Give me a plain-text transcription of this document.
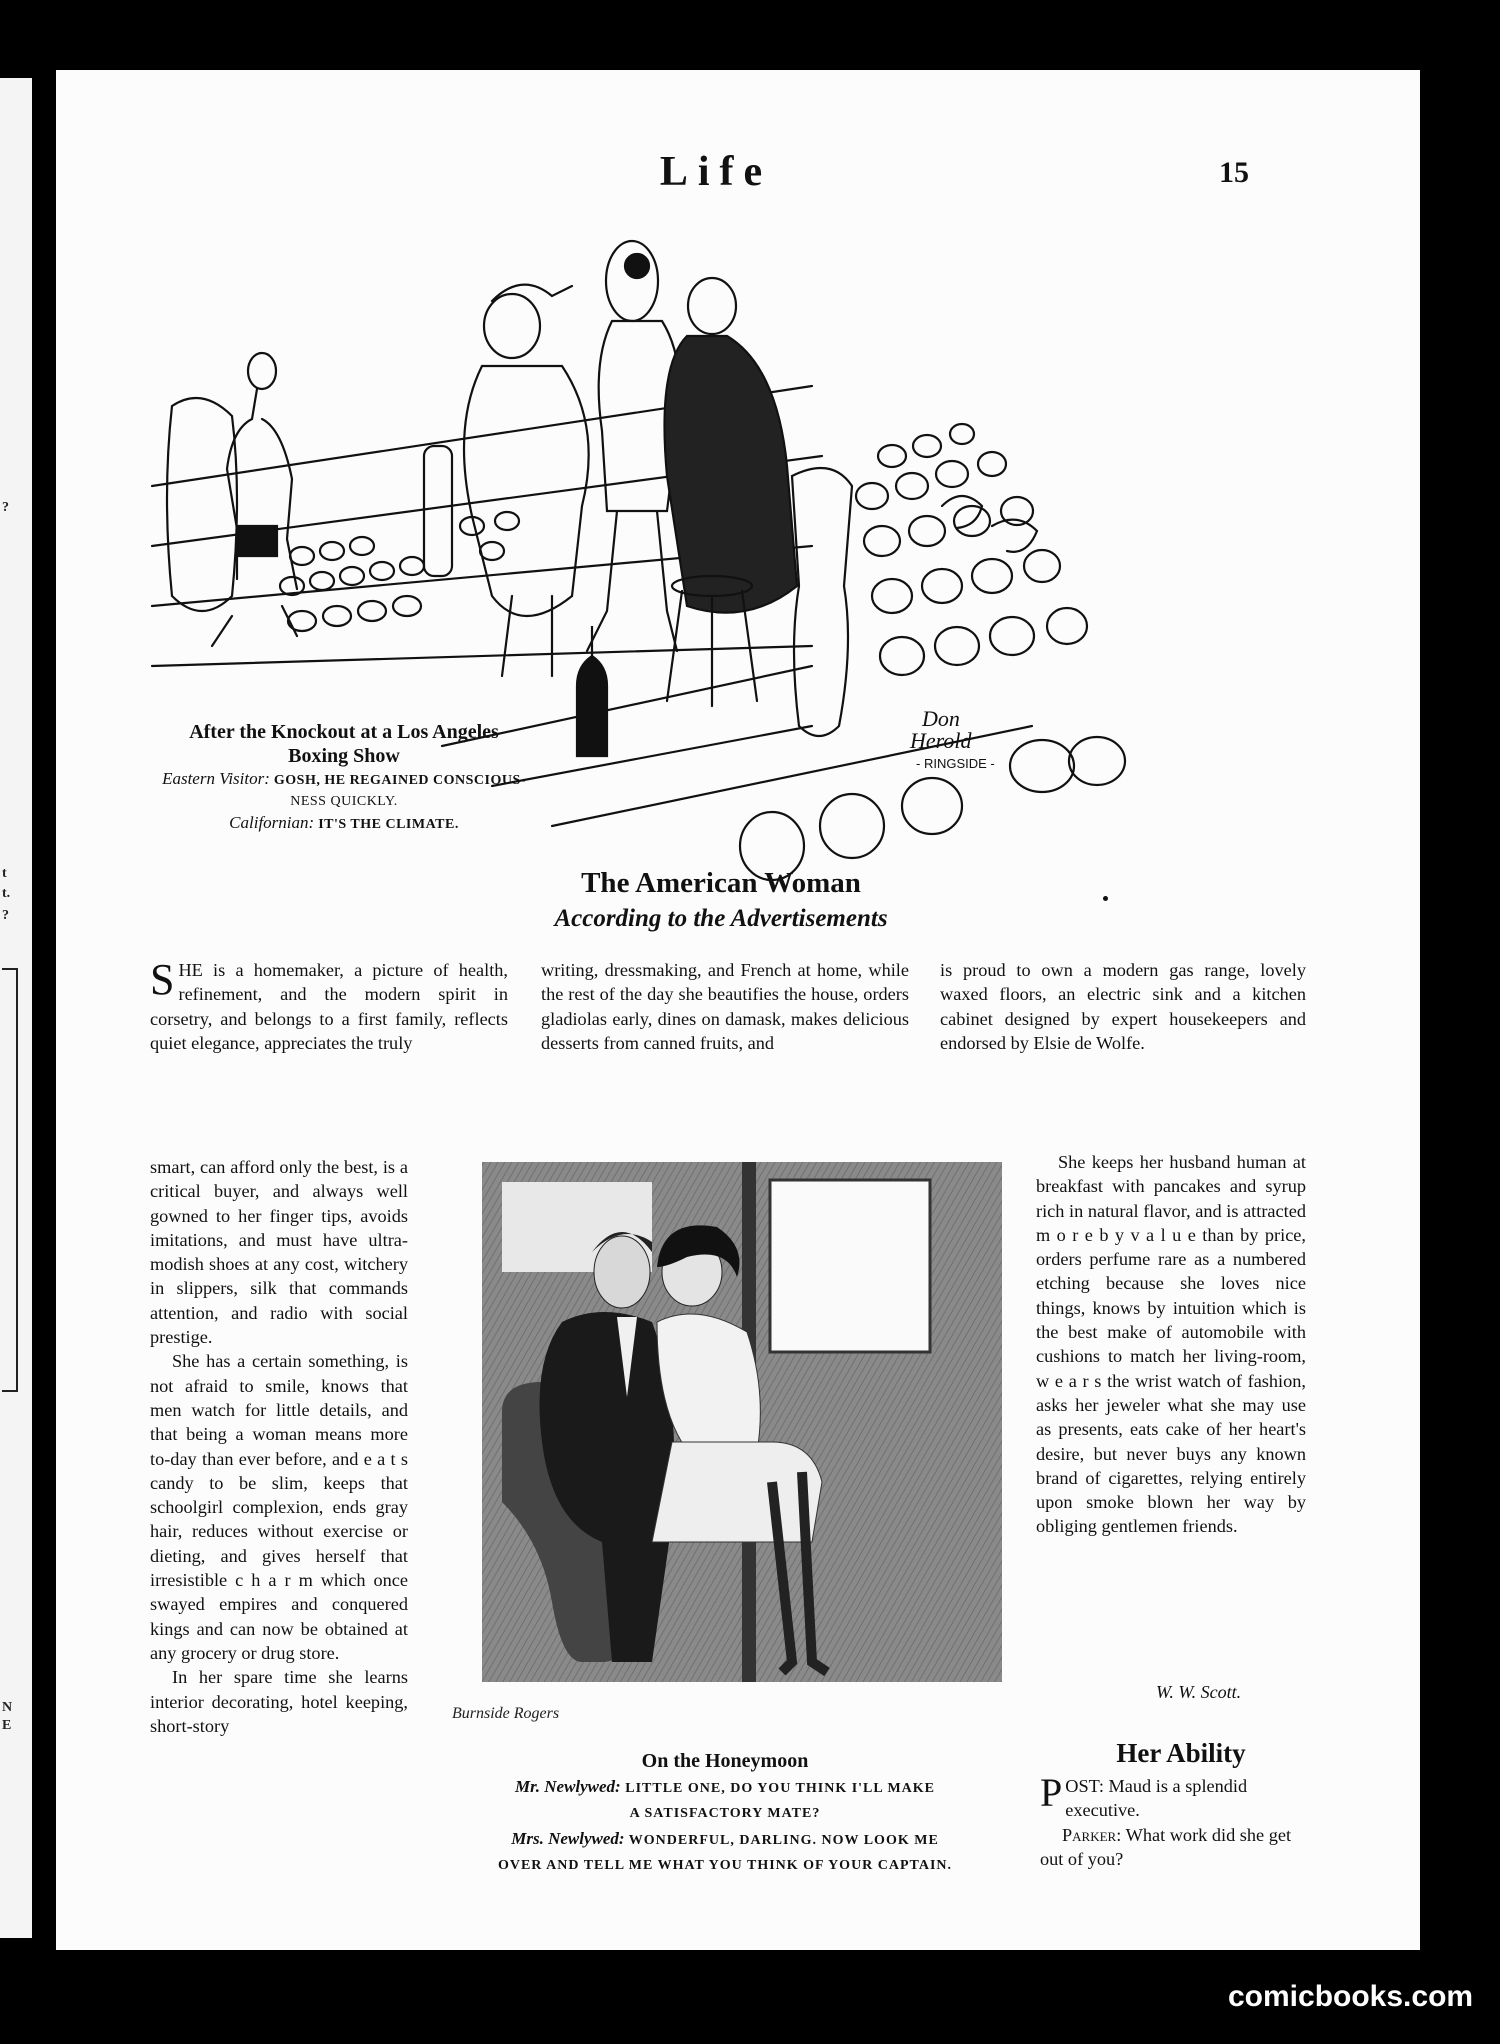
?
t
t.
?
N
E
Life	15
Don
Herold
- RINGSIDE -
After the Knockout at a Los Angeles
Boxing Show
Eastern Visitor: GOSH, HE REGAINED CONSCIOUS-
NESS QUICKLY.
Californian: IT'S THE CLIMATE.
The American Woman
According to the Advertisements

SHE is a homemaker, a picture of health, refinement, and the modern spirit in corsetry, and belongs to a first family, reflects quiet elegance, appreciates the truly

smart, can afford only the best, is a critical buyer, and always well gowned to her finger tips, avoids imitations, and must have ultra-modish shoes at any cost, witchery in slippers, silk that commands attention, and radio with social prestige.

She has a certain something, is not afraid to smile, knows that men watch for little details, and that being a woman means more to-day than ever before, and e a t s candy to be slim, keeps that schoolgirl complexion, ends gray hair, reduces without exercise or dieting, and gives herself that irresistible c h a r m which once swayed empires and conquered kings and can now be obtained at any grocery or drug store.

In her spare time she learns interior decorating, hotel keeping, short-story

writing, dressmaking, and French at home, while the rest of the day she beautifies the house, orders gladiolas early, dines on damask, makes delicious desserts from canned fruits, and

is proud to own a modern gas range, lovely waxed floors, an electric sink and a kitchen cabinet designed by expert housekeepers and endorsed by Elsie de Wolfe.

She keeps her husband human at breakfast with pancakes and syrup rich in natural flavor, and is attracted m o r e b y v a l u e than by price, orders perfume rare as a numbered etching because she loves nice things, knows by intuition which is the best make of automobile with cushions to match her living-room, w e a r s the wrist watch of fashion, asks her jeweler what she may use as presents, eats cake of her heart's desire, but never buys any known brand of cigarettes, relying entirely upon smoke blown her way by obliging gentlemen friends.

W. W. Scott.
Burnside Rogers
On the Honeymoon
Mr. Newlywed: LITTLE ONE, DO YOU THINK I'LL MAKE
A SATISFACTORY MATE?
Mrs. Newlywed: WONDERFUL, DARLING. NOW LOOK ME
OVER AND TELL ME WHAT YOU THINK OF YOUR CAPTAIN.
Her Ability

POST: Maud is a splendid executive.

Parker: What work did she get out of you?

comicbooks.com
